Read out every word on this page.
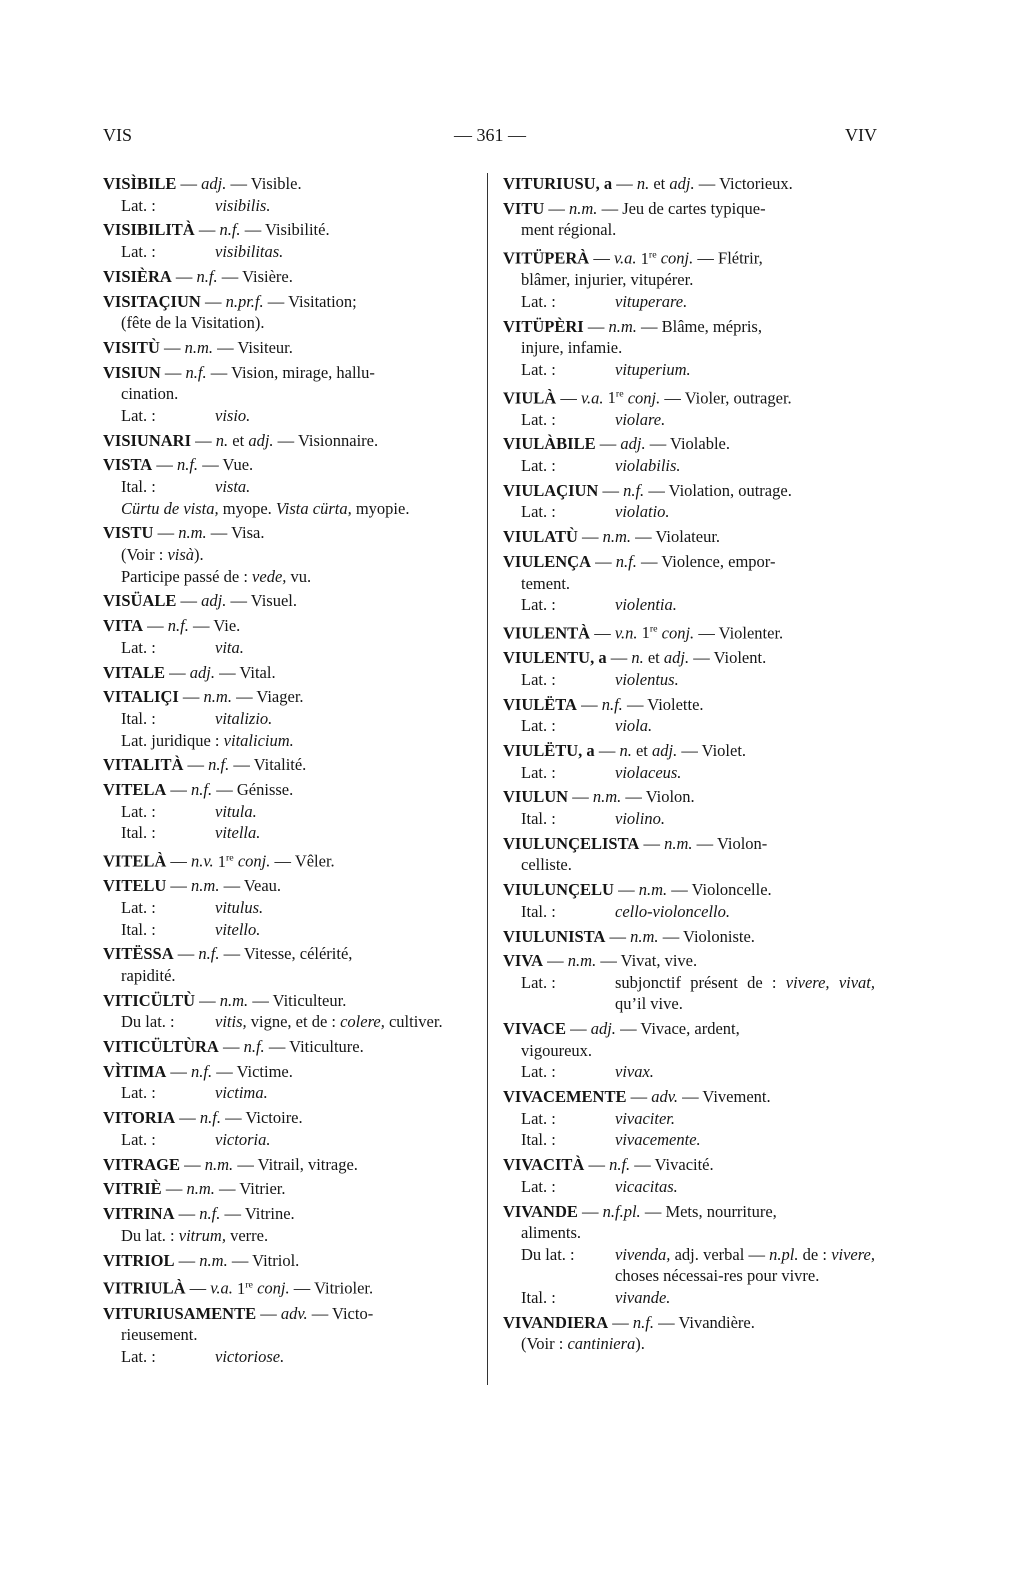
VIS	— 361 —	VIV
VISÌBILE — adj. — Visible.
Lat. :	visibilis.
VISIBILITÀ — n.f. — Visibilité.
Lat. :	visibilitas.
VISIÈRA — n.f. — Visière.
VISITAÇIUN — n.pr.f. — Visitation;
(fête de la Visitation).
VISITÙ — n.m. — Visiteur.
VISIUN — n.f. — Vision, mirage, hallu-
cination.
Lat. :	visio.
VISIUNARI — n. et adj. — Visionnaire.
VISTA — n.f. — Vue.
Ital. :	vista.
Cürtu de vista, myope. Vista cürta, myopie.
VISTU — n.m. — Visa.
(Voir : visà).
Participe passé de : vede, vu.
VISÜALE — adj. — Visuel.
VITA — n.f. — Vie.
Lat. :	vita.
VITALE — adj. — Vital.
VITALIÇI — n.m. — Viager.
Ital. :	vitalizio.
Lat. juridique : vitalicium.
VITALITÀ — n.f. — Vitalité.
VITELA — n.f. — Génisse.
Lat. :	vitula.
Ital. :	vitella.
VITELÀ — n.v. 1re conj. — Vêler.
VITELU — n.m. — Veau.
Lat. :	vitulus.
Ital. :	vitello.
VITËSSA — n.f. — Vitesse, célérité,
rapidité.
VITICÜLTÙ — n.m. — Viticulteur.
Du lat. :	vitis, vigne, et de : colere, cultiver.
VITICÜLTÙRA — n.f. — Viticulture.
VÌTIMA — n.f. — Victime.
Lat. :	victima.
VITORIA — n.f. — Victoire.
Lat. :	victoria.
VITRAGE — n.m. — Vitrail, vitrage.
VITRIÈ — n.m. — Vitrier.
VITRINA — n.f. — Vitrine.
Du lat. : vitrum, verre.
VITRIOL — n.m. — Vitriol.
VITRIULÀ — v.a. 1re conj. — Vitrioler.
VITURIUSAMENTE — adv. — Victo-
rieusement.
Lat. :	victoriose.
VITURIUSU, a — n. et adj. — Victorieux.
VITU — n.m. — Jeu de cartes typique-
ment régional.
VITÜPERÀ — v.a. 1re conj. — Flétrir,
blâmer, injurier, vitupérer.
Lat. :	vituperare.
VITÜPÈRI — n.m. — Blâme, mépris,
injure, infamie.
Lat. :	vituperium.
VIULÀ — v.a. 1re conj. — Violer, outrager.
Lat. :	violare.
VIULÀBILE — adj. — Violable.
Lat. :	violabilis.
VIULAÇIUN — n.f. — Violation, outrage.
Lat. :	violatio.
VIULATÙ — n.m. — Violateur.
VIULENÇA — n.f. — Violence, empor-
tement.
Lat. :	violentia.
VIULENTÀ — v.n. 1re conj. — Violenter.
VIULENTU, a — n. et adj. — Violent.
Lat. :	violentus.
VIULËTA — n.f. — Violette.
Lat. :	viola.
VIULËTU, a — n. et adj. — Violet.
Lat. :	violaceus.
VIULUN — n.m. — Violon.
Ital. :	violino.
VIULUNÇELISTA — n.m. — Violon-
celliste.
VIULUNÇELU — n.m. — Violoncelle.
Ital. :	cello-violoncello.
VIULUNISTA — n.m. — Violoniste.
VIVA — n.m. — Vivat, vive.
Lat. :	subjonctif présent de : vivere, vivat, qu’il vive.
VIVACE — adj. — Vivace, ardent,
vigoureux.
Lat. :	vivax.
VIVACEMENTE — adv. — Vivement.
Lat. :	vivaciter.
Ital. :	vivacemente.
VIVACITÀ — n.f. — Vivacité.
Lat. :	vicacitas.
VIVANDE — n.f.pl. — Mets, nourriture,
aliments.
Du lat. :	vivenda, adj. verbal — n.pl. de : vivere, choses nécessai-res pour vivre.
Ital. :	vivande.
VIVANDIERA — n.f. — Vivandière.
(Voir : cantiniera).
